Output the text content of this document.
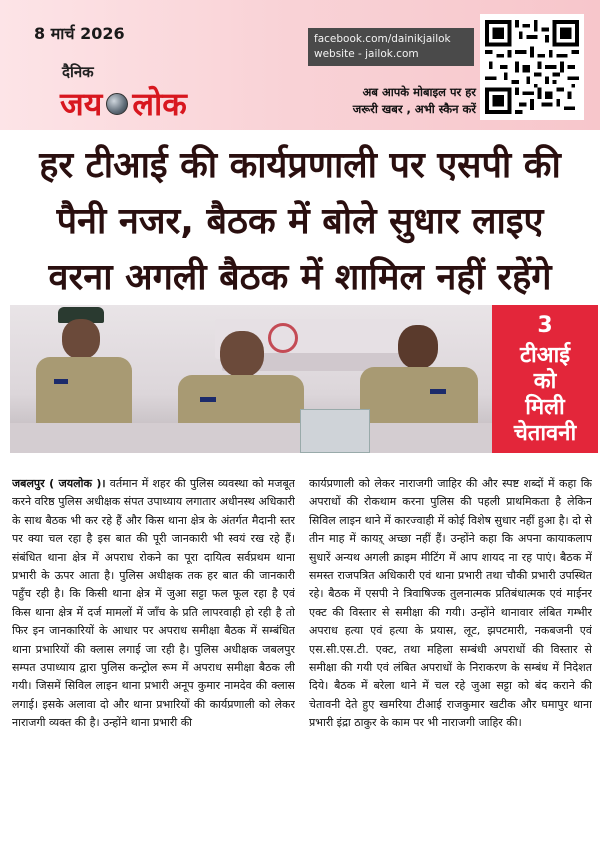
8 मार्च 2026
दैनिक
जय लोक
facebook.com/dainikjailok
website - jailok.com
अब आपके मोबाइल पर हर
जरूरी खबर , अभी स्कैन करें
हर टीआई की कार्यप्रणाली पर एसपी की
पैनी नजर, बैठक में बोले सुधार लाइए
वरना अगली बैठक में शामिल नहीं रहेंगे
3
टीआई
को
मिली
चेतावनी

जबलपुर ( जयलोक )। वर्तमान में शहर की पुलिस व्यवस्था को मजबूत करने वरिष्ठ पुलिस अधीक्षक संपत उपाध्याय लगातार अधीनस्थ अधिकारी के साथ बैठक भी कर रहे हैं और किस थाना क्षेत्र के अंतर्गत मैदानी स्तर पर क्या चल रहा है इस बात की पूरी जानकारी भी स्वयं रख रहे हैं। संबंधित थाना क्षेत्र में अपराध रोकने का पूरा दायित्व सर्वप्रथम थाना प्रभारी के ऊपर आता है। पुलिस अधीक्षक तक हर बात की जानकारी पहुँच रही है। कि किसी थाना क्षेत्र में जुआ सट्टा फल फूल रहा है एवं किस थाना क्षेत्र में दर्ज मामलों में जाँच के प्रति लापरवाही हो रही है तो फिर इन जानकारियों के आधार पर अपराध समीक्षा बैठक में सम्बंधित थाना प्रभारियों की क्लास लगाई जा रही है। पुलिस अधीक्षक जबलपुर सम्पत उपाध्याय द्वारा पुलिस कन्ट्रोल रूम में अपराध समीक्षा बैठक ली गयी। जिसमें सिविल लाइन थाना प्रभारी अनूप कुमार नामदेव की क्लास लगाई। इसके अलावा दो और थाना प्रभारियों की कार्यप्रणाली को लेकर नाराजगी व्यक्त की है। उन्होंने थाना प्रभारी की

कार्यप्रणाली को लेकर नाराजगी जाहिर की और स्पष्ट शब्दों में कहा कि अपराधों की रोकथाम करना पुलिस की पहली प्राथमिकता है लेकिन सिविल लाइन थाने में कारज्वाही में कोई विशेष सुधार नहीं हुआ है। दो से तीन माह में कायऱ् अच्छा नहीं हैं। उन्होंने कहा कि अपना कायाकलाप सुधारें अन्यथ अगली क्राइम मीटिंग में आप शायद ना रह पाएं। बैठक में समस्त राजपत्रित अधिकारी एवं थाना प्रभारी तथा चौकी प्रभारी उपस्थित रहे। बैठक में एसपी ने त्रिवाषिज्क तुलनात्मक प्रतिबंधात्मक एवं माईनर एक्ट की विस्तार से समीक्षा की गयी। उन्होंने थानावार लंबित गम्भीर अपराध हत्या एवं हत्या के प्रयास, लूट, झपटमारी, नकबजनी एवं एस.सी.एस.टी. एक्ट, तथा महिला सम्बंधी अपराधों की विस्तार से समीक्षा की गयी एवं लंबित अपराधों के निराकरण के सम्बंध में निदेशत दिये। बैठक में बरेला थाने में चल रहे जुआ सट्टा को बंद कराने की चेतावनी देते हुए खमरिया टीआई राजकुमार खटीक और घमापुर थाना प्रभारी इंद्रा ठाकुर के काम पर भी नाराजगी जाहिर की।
